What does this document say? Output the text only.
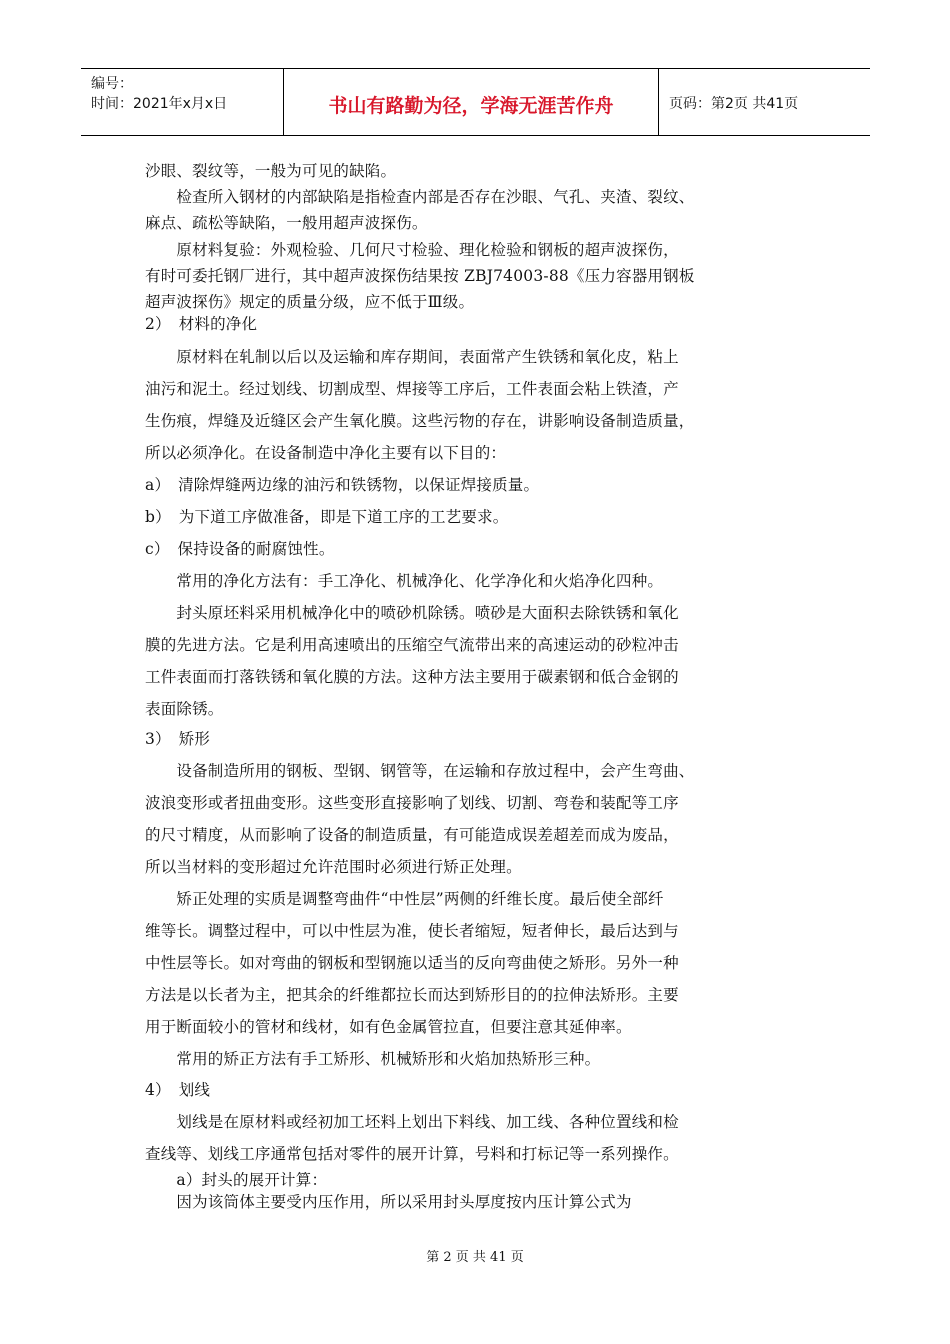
编号：
时间：2021年x月x日	书山有路勤为径，学海无涯苦作舟	页码：第2页 共41页
沙眼、裂纹等，一般为可见的缺陷。
　　检查所入钢材的内部缺陷是指检查内部是否存在沙眼、气孔、夹渣、裂纹、
麻点、疏松等缺陷，一般用超声波探伤。
　　原材料复验：外观检验、几何尺寸检验、理化检验和钢板的超声波探伤，
有时可委托钢厂进行，其中超声波探伤结果按 ZBJ74003-88《压力容器用钢板
超声波探伤》规定的质量分级，应不低于Ⅲ级。
2）　材料的净化
　　原材料在轧制以后以及运输和库存期间，表面常产生铁锈和氧化皮，粘上
油污和泥土。经过划线、切割成型、焊接等工序后，工件表面会粘上铁渣，产
生伤痕，焊缝及近缝区会产生氧化膜。这些污物的存在，讲影响设备制造质量，
所以必须净化。在设备制造中净化主要有以下目的：
a）　清除焊缝两边缘的油污和铁锈物，以保证焊接质量。
b）　为下道工序做准备，即是下道工序的工艺要求。
c）　保持设备的耐腐蚀性。
　　常用的净化方法有：手工净化、机械净化、化学净化和火焰净化四种。
　　封头原坯料采用机械净化中的喷砂机除锈。喷砂是大面积去除铁锈和氧化
膜的先进方法。它是利用高速喷出的压缩空气流带出来的高速运动的砂粒冲击
工件表面而打落铁锈和氧化膜的方法。这种方法主要用于碳素钢和低合金钢的
表面除锈。
3）　矫形
　　设备制造所用的钢板、型钢、钢管等，在运输和存放过程中，会产生弯曲、
波浪变形或者扭曲变形。这些变形直接影响了划线、切割、弯卷和装配等工序
的尺寸精度，从而影响了设备的制造质量，有可能造成误差超差而成为废品，
所以当材料的变形超过允许范围时必须进行矫正处理。
　　矫正处理的实质是调整弯曲件“中性层”两侧的纤维长度。最后使全部纤
维等长。调整过程中，可以中性层为准，使长者缩短，短者伸长，最后达到与
中性层等长。如对弯曲的钢板和型钢施以适当的反向弯曲使之矫形。另外一种
方法是以长者为主，把其余的纤维都拉长而达到矫形目的的拉伸法矫形。主要
用于断面较小的管材和线材，如有色金属管拉直，但要注意其延伸率。
　　常用的矫正方法有手工矫形、机械矫形和火焰加热矫形三种。
4）　划线
　　划线是在原材料或经初加工坯料上划出下料线、加工线、各种位置线和检
查线等、划线工序通常包括对零件的展开计算，号料和打标记等一系列操作。
　　a）封头的展开计算：
　　因为该筒体主要受内压作用，所以采用封头厚度按内压计算公式为
第 2 页 共 41 页
